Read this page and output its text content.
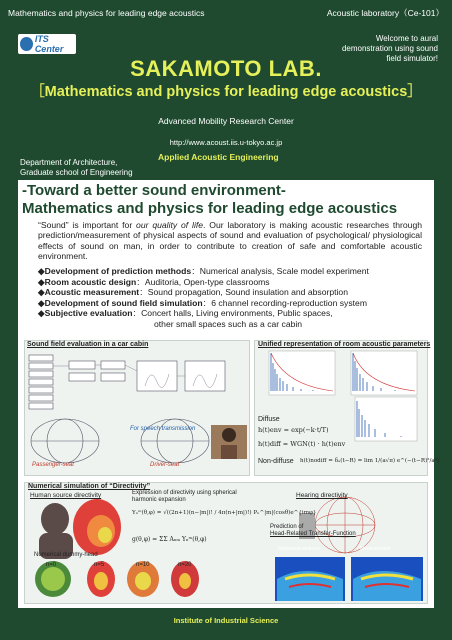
Mathematics and physics for leading edge acoustics	Acoustic laboratory（Ce-101）
ITS Center
Welcome to aural demonstration using sound field simulator!
SAKAMOTO LAB.
［Mathematics and physics for leading edge acoustics］
Advanced Mobility Research Center
http://www.acoust.iis.u-tokyo.ac.jp
Department of Architecture,
Graduate school of Engineering
Applied Acoustic Engineering
-Toward a better sound environment-
Mathematics and physics for leading edge acoustics
“Sound” is important for our quality of life. Our laboratory is making acoustic researches through prediction/measurement of physical aspects of sound and evaluation of psychological/ physiological effects of sound on man, in order to contribute to creation of safe and comfortable acoustic environment.
◆Development of prediction methods：Numerical analysis, Scale model experiment
◆Room acoustic design：Auditoria, Open-type classrooms
◆Acoustic measurement：Sound propagation, Sound insulation and absorption
◆Development of sound field simulation：6 channel recording-reproduction system
◆Subjective evaluation：Concert halls, Living environments, Public spaces,
other small spaces such as a car cabin
Sound field evaluation in a car cabin
For speech transmission
Passenger-seat	Driver-seat
Unified representation of room acoustic parameters
Diffuse
h(t)env = exp(−k·t/T)
h(t)diff = WGN(t) · h(t)env
Non-diffuse h(t)nodiff = δₐ(t−R) = lim 1/(a√π) e^(−(t−R)²/a²)
Numerical simulation of “Directivity”
Human source directivity	Expression of directivity using spherical harmonic expansion
Yₙᵐ(θ,φ) = √((2n+1)(n−|m|)! / 4π(n+|m|)!) Pₙ^|m|(cosθ)e^{imφ}
g(θ,φ) = ΣΣ Aₙₘ Yₙᵐ(θ,φ)
Numerical dummy-head
n=0	n=5	n=10	n=20
Hearing directivity
Prediction of
Head-Related Transfer-Function
Numerical analysis	Measurement
Institute of Industrial Science
